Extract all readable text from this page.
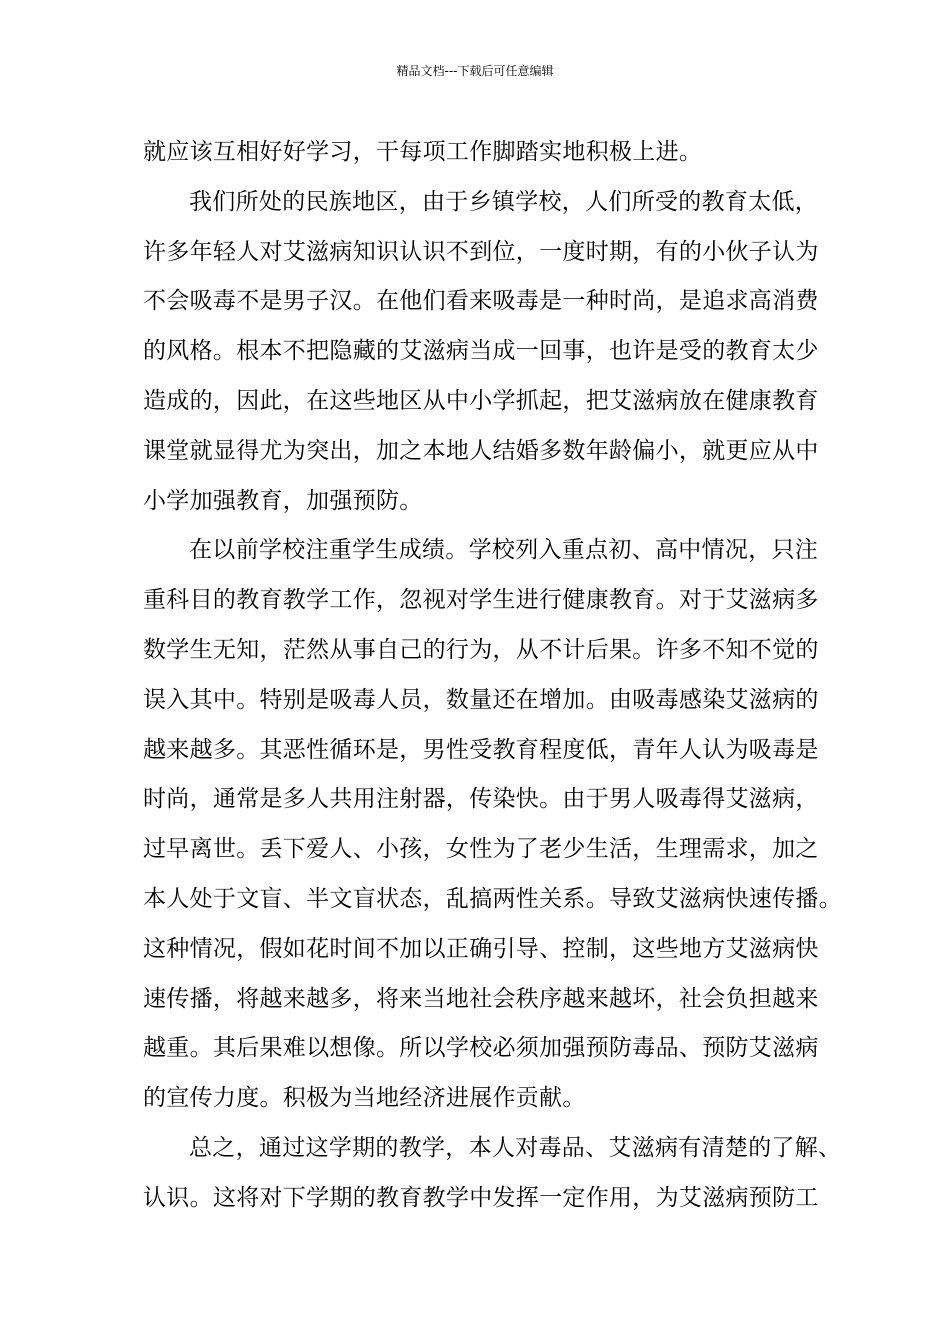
精品文档---下载后可任意编辑
就应该互相好好学习，干每项工作脚踏实地积极上进。
我们所处的民族地区，由于乡镇学校，人们所受的教育太低，
许多年轻人对艾滋病知识认识不到位，一度时期，有的小伙子认为
不会吸毒不是男子汉。在他们看来吸毒是一种时尚，是追求高消费
的风格。根本不把隐藏的艾滋病当成一回事，也许是受的教育太少
造成的，因此，在这些地区从中小学抓起，把艾滋病放在健康教育
课堂就显得尤为突出，加之本地人结婚多数年龄偏小，就更应从中
小学加强教育，加强预防。
在以前学校注重学生成绩。学校列入重点初、高中情况，只注
重科目的教育教学工作，忽视对学生进行健康教育。对于艾滋病多
数学生无知，茫然从事自己的行为，从不计后果。许多不知不觉的
误入其中。特别是吸毒人员，数量还在增加。由吸毒感染艾滋病的
越来越多。其恶性循环是，男性受教育程度低，青年人认为吸毒是
时尚，通常是多人共用注射器，传染快。由于男人吸毒得艾滋病，
过早离世。丢下爱人、小孩，女性为了老少生活，生理需求，加之
本人处于文盲、半文盲状态，乱搞两性关系。导致艾滋病快速传播。
这种情况，假如花时间不加以正确引导、控制，这些地方艾滋病快
速传播，将越来越多，将来当地社会秩序越来越坏，社会负担越来
越重。其后果难以想像。所以学校必须加强预防毒品、预防艾滋病
的宣传力度。积极为当地经济进展作贡献。
总之，通过这学期的教学，本人对毒品、艾滋病有清楚的了解、
认识。这将对下学期的教育教学中发挥一定作用，为艾滋病预防工
